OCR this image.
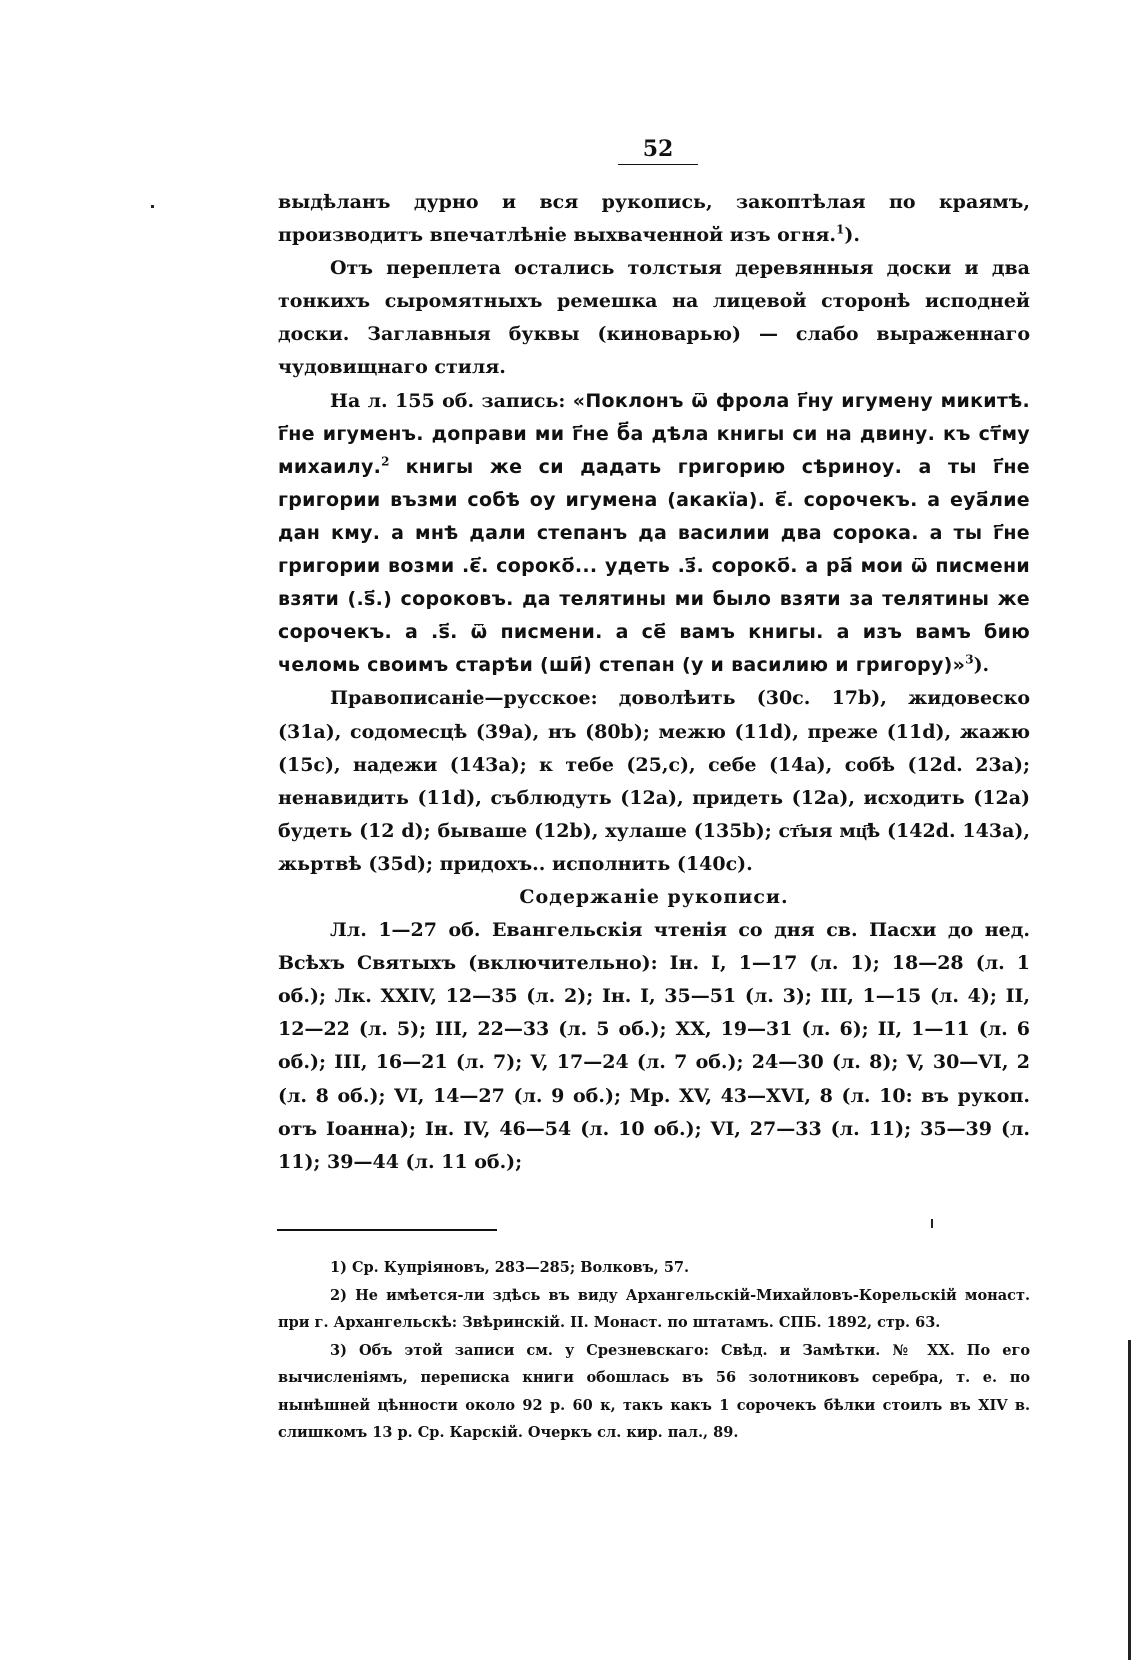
52

выдѣланъ дурно и вся рукопись, закоптѣлая по краямъ, производитъ впечатлѣніе выхваченной изъ огня.$^1$).

Отъ переплета остались толстыя деревянныя доски и два тонкихъ сыромятныхъ ремешка на лицевой сторонѣ исподней доски. Заглавныя буквы (киноварью) — слабо выраженнаго чудовищнаго стиля.

На л. 155 об. запись: «Поклонъ ѿ фрола г҃ну игумену микитѣ. г҃не игуменъ. доправи ми г҃не б҃а дѣла книгы си на двину. къ ст҃му михаилу.$^2$ книгы же си дадать григорию сѣриноу. а ты г҃не григории възми собѣ оу игумена (акакїа). є҃. сорочекъ. а еуа҃лие дан кму. а мнѣ дали степанъ да василии два сорока. а ты г҃не григории возми .є҃. сороко҃... удеть .з҃. сороко҃. а ра҃ мои ѿ писмени взяти (.ѕ҃.) сороковъ. да телятины ми было взяти за телятины же сорочекъ. а .ѕ҃. ѿ писмени. а се҃ вамъ книгы. а изъ вамъ бию челомь своимъ старѣи (ши҃) степан (у и василию и григору)»$^3$).

Правописаніе—русское: доволѣить (30с. 17b), жидовеско (31а), содомесцѣ (39а), нъ (80b); межю (11d), преже (11d), жажю (15с), надежи (143а); к тебе (25,с), себе (14а), собѣ (12d. 23а); ненавидить (11d), съблюдуть (12а), придеть (12а), исходить (12а) будеть (12 d); бываше (12b), хулаше (135b); ст҃ыя мц҃ѣ (142d. 143а), жьртвѣ (35d); придохъ.. исполнить (140с).

Содержаніе рукописи.

Лл. 1—27 об. Евангельскія чтенія со дня св. Пасхи до нед. Всѣхъ Святыхъ (включительно): Ін. I, 1—17 (л. 1); 18—28 (л. 1 об.); Лк. XXIV, 12—35 (л. 2); Ін. I, 35—51 (л. 3); III, 1—15 (л. 4); II, 12—22 (л. 5); III, 22—33 (л. 5 об.); XX, 19—31 (л. 6); II, 1—11 (л. 6 об.); III, 16—21 (л. 7); V, 17—24 (л. 7 об.); 24—30 (л. 8); V, 30—VI, 2 (л. 8 об.); VI, 14—27 (л. 9 об.); Мр. XV, 43—XVI, 8 (л. 10: въ рукоп. отъ Іоанна); Ін. IV, 46—54 (л. 10 об.); VI, 27—33 (л. 11); 35—39 (л. 11); 39—44 (л. 11 об.);

1) Ср. Купріяновъ, 283—285; Волковъ, 57.

2) Не имѣется-ли здѣсь въ виду Архангельскій-Михайловъ-Корельскій монаст. при г. Архангельскѣ: Звѣринскій. II. Монаст. по штатамъ. СПБ. 1892, стр. 63.

3) Объ этой записи см. у Срезневскаго: Свѣд. и Замѣтки. № XX. По его вычисленіямъ, переписка книги обошлась въ 56 золотниковъ серебра, т. е. по нынѣшней цѣнности около 92 р. 60 к, такъ какъ 1 сорочекъ бѣлки стоилъ въ XIV в. слишкомъ 13 р. Ср. Карскій. Очеркъ сл. кир. пал., 89.
